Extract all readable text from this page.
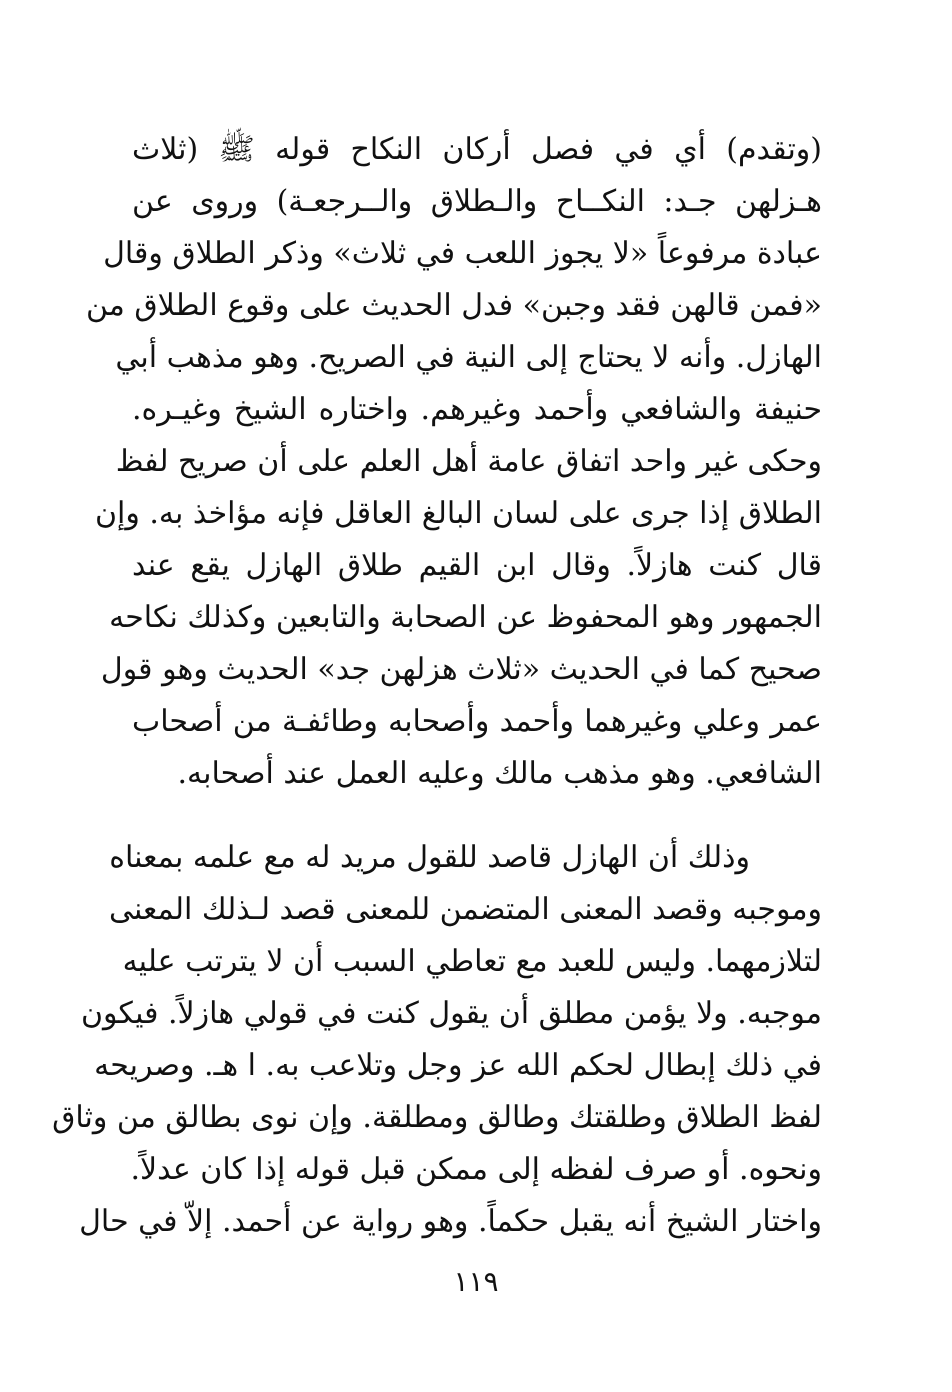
(وتقدم) أي في فصل أركان النكاح قوله ﷺ (ثلاث
هـزلهن جـد: النكــاح والـطلاق والــرجعـة) وروى عن
عبادة مرفوعاً «لا يجوز اللعب في ثلاث» وذكر الطلاق وقال
«فمن قالهن فقد وجبن» فدل الحديث على وقوع الطلاق من
الهازل. وأنه لا يحتاج إلى النية في الصريح. وهو مذهب أبي
حنيفة والشافعي وأحمد وغيرهم. واختاره الشيخ وغيـره.
وحكى غير واحد اتفاق عامة أهل العلم على أن صريح لفظ
الطلاق إذا جرى على لسان البالغ العاقل فإنه مؤاخذ به. وإن
قال كنت هازلاً. وقال ابن القيم طلاق الهازل يقع عند
الجمهور وهو المحفوظ عن الصحابة والتابعين وكذلك نكاحه
صحيح كما في الحديث «ثلاث هزلهن جد» الحديث وهو قول
عمر وعلي وغيرهما وأحمد وأصحابه وطائفـة من أصحاب
الشافعي. وهو مذهب مالك وعليه العمل عند أصحابه.
وذلك أن الهازل قاصد للقول مريد له مع علمه بمعناه
وموجبه وقصد المعنى المتضمن للمعنى قصد لـذلك المعنى
لتلازمهما. وليس للعبد مع تعاطي السبب أن لا يترتب عليه
موجبه. ولا يؤمن مطلق أن يقول كنت في قولي هازلاً. فيكون
في ذلك إبطال لحكم الله عز وجل وتلاعب به. ا هـ. وصريحه
لفظ الطلاق وطلقتك وطالق ومطلقة. وإن نوى بطالق من وثاق
ونحوه. أو صرف لفظه إلى ممكن قبل قوله إذا كان عدلاً.
واختار الشيخ أنه يقبل حكماً. وهو رواية عن أحمد. إلاّ في حال
١١٩
